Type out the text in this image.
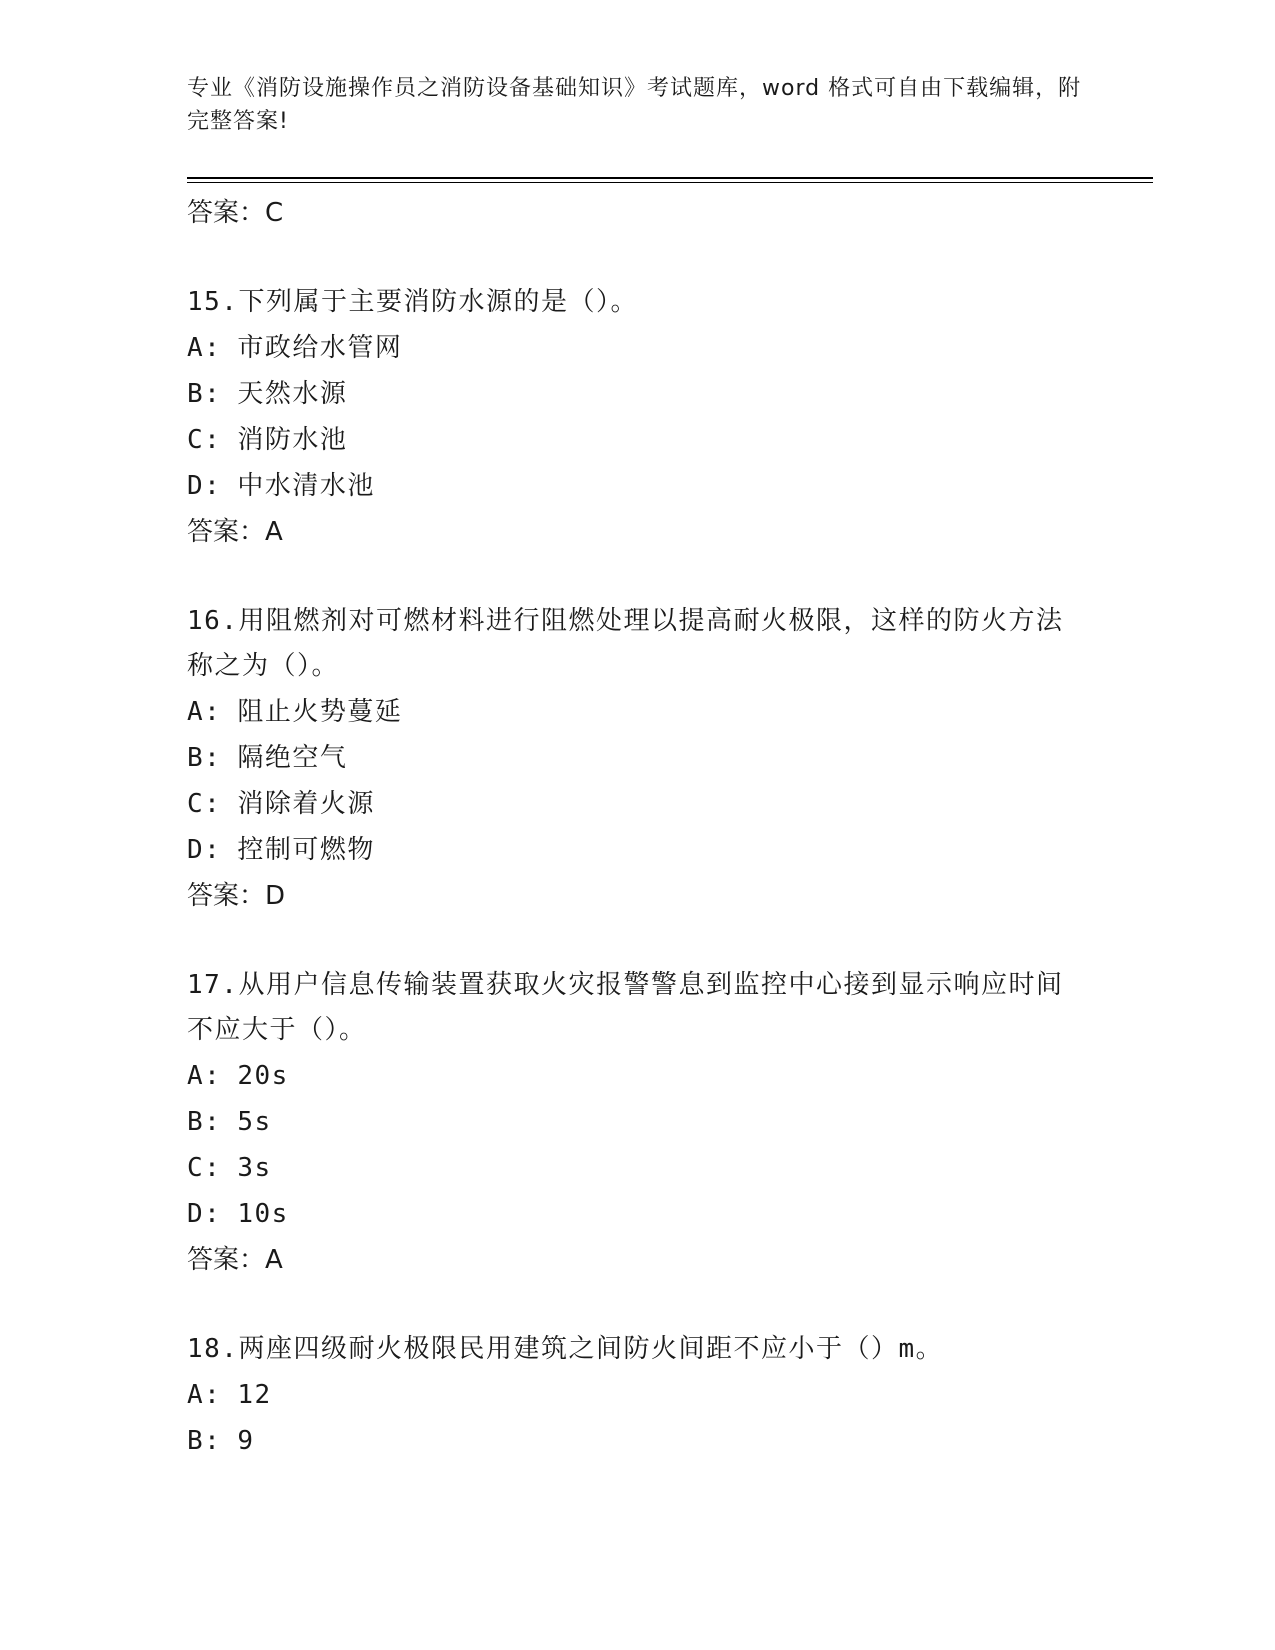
专业《消防设施操作员之消防设备基础知识》考试题库，word 格式可自由下载编辑，附完整答案!
答案：C
15.下列属于主要消防水源的是（）。
A: 市政给水管网
B: 天然水源
C: 消防水池
D: 中水清水池
答案：A
16.用阻燃剂对可燃材料进行阻燃处理以提高耐火极限，这样的防火方法称之为（）。
A: 阻止火势蔓延
B: 隔绝空气
C: 消除着火源
D: 控制可燃物
答案：D
17.从用户信息传输装置获取火灾报警警息到监控中心接到显示响应时间不应大于（）。
A: 20s
B: 5s
C: 3s
D: 10s
答案：A
18.两座四级耐火极限民用建筑之间防火间距不应小于（）m。
A: 12
B: 9
